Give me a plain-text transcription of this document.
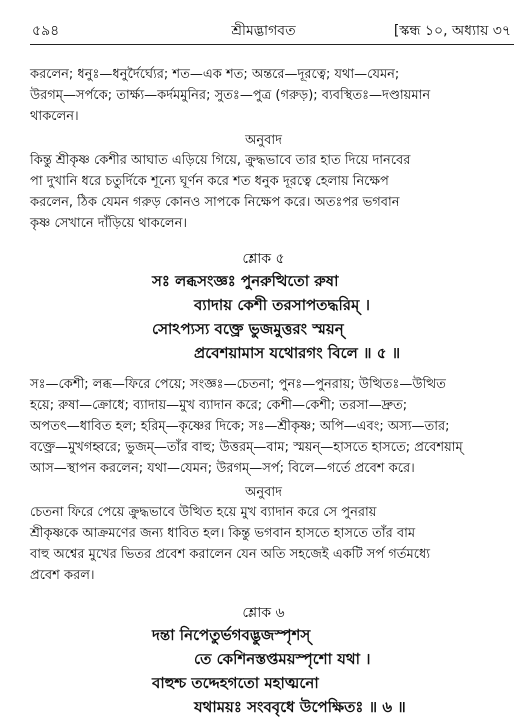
৫৯৪	শ্রীমদ্ভাগবত	[স্কন্ধ ১০, অধ্যায় ৩৭
করলেন; ধনুঃ—ধনুর্দৈর্ঘ্যের; শত—এক শত; অন্তরে—দূরত্বে; যথা—যেমন;
উরগম্—সর্পকে; তার্ক্ষ্য—কর্দমমুনির; সুতঃ—পুত্র (গরুড়); ব্যবস্থিতঃ—দণ্ডায়মান
থাকলেন।
অনুবাদ
কিন্তু শ্রীকৃষ্ণ কেশীর আঘাত এড়িয়ে গিয়ে, ক্রুদ্ধভাবে তার হাত দিয়ে দানবের
পা দুখানি ধরে চতুর্দিকে শূন্যে ঘূর্ণন করে শত ধনুক দূরত্বে হেলায় নিক্ষেপ
করলেন, ঠিক যেমন গরুড় কোনও সাপকে নিক্ষেপ করে। অতঃপর ভগবান
কৃষ্ণ সেখানে দাঁড়িয়ে থাকলেন।
শ্লোক ৫
সঃ লব্ধসংজ্ঞঃ পুনরুত্থিতো রুষা
ব্যাদায় কেশী তরসাপতদ্ধরিম্ ।
সোঽপ্যস্য বক্ত্রে ভুজমুত্তরং স্ময়ন্
প্রবেশয়ামাস যথোরগং বিলে ॥ ৫ ॥
সঃ—কেশী; লব্ধ—ফিরে পেয়ে; সংজ্ঞঃ—চেতনা; পুনঃ—পুনরায়; উত্থিতঃ—উত্থিত
হয়ে; রুষা—ক্রোধে; ব্যাদায়—মুখ ব্যাদান করে; কেশী—কেশী; তরসা—দ্রুত;
অপতৎ—ধাবিত হল; হরিম্—কৃষ্ণের দিকে; সঃ—শ্রীকৃষ্ণ; অপি—এবং; অস্য—তার;
বক্ত্রে—মুখগহ্বরে; ভুজম্—তাঁর বাহু; উত্তরম্—বাম; স্ময়ন্—হাসতে হাসতে; প্রবেশয়াম্
আস—স্থাপন করলেন; যথা—যেমন; উরগম্—সর্প; বিলে—গর্তে প্রবেশ করে।
অনুবাদ
চেতনা ফিরে পেয়ে ক্রুদ্ধভাবে উত্থিত হয়ে মুখ ব্যাদান করে সে পুনরায়
শ্রীকৃষ্ণকে আক্রমণের জন্য ধাবিত হল। কিন্তু ভগবান হাসতে হাসতে তাঁর বাম
বাহু অশ্বের মুখের ভিতর প্রবেশ করালেন যেন অতি সহজেই একটি সর্প গর্তমধ্যে
প্রবেশ করল।
শ্লোক ৬
দন্তা নিপেতুর্ভগবদ্ভুজস্পৃশস্
তে কেশিনস্তপ্তময়স্পৃশো যথা ।
বাহুশ্চ তদ্দেহগতো মহাত্মনো
যথাময়ঃ সংববৃধে উপেক্ষিতঃ ॥ ৬ ॥
